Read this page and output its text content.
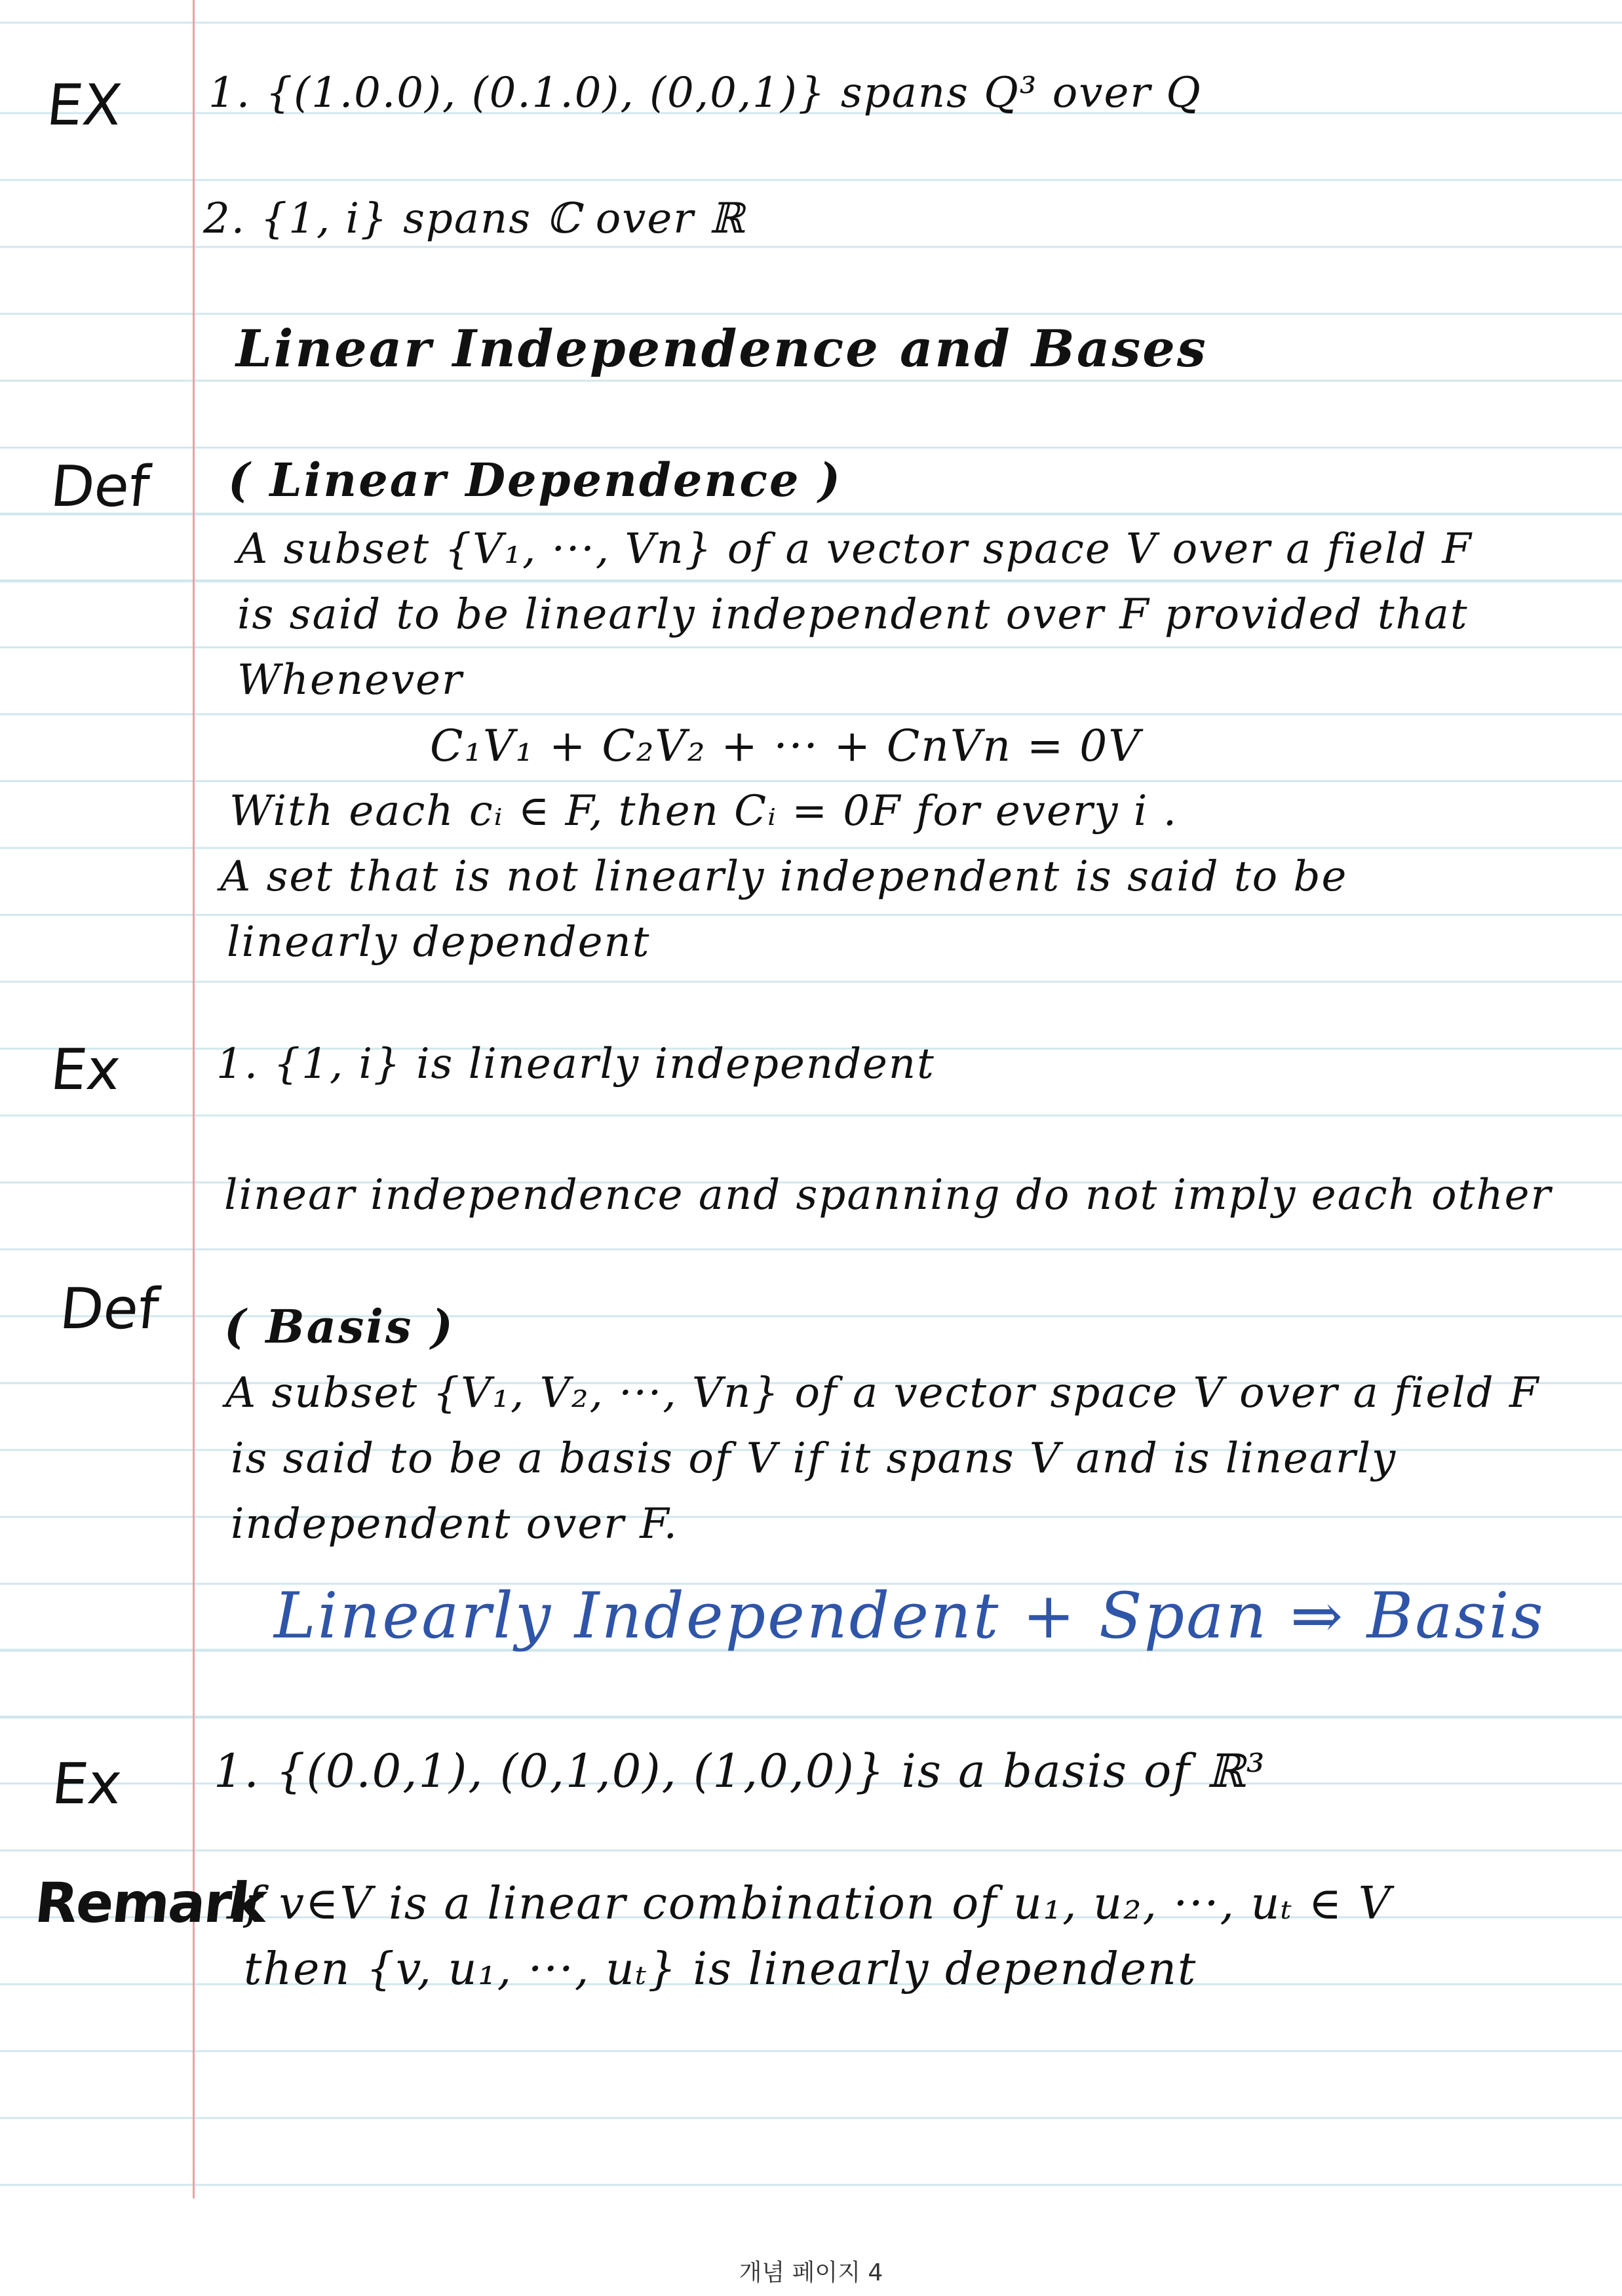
EX
Def
Ex
Def
Ex
Remark
1. {(1.0.0), (0.1.0), (0,0,1)} spans Q³ over Q
2. {1, i} spans ℂ over ℝ
Linear Independence and Bases
( Linear Dependence )
A subset {V₁, ···, Vn} of a vector space V over a field F
is said to be linearly independent over F provided that
Whenever
C₁V₁ + C₂V₂ + ··· + CnVn = 0V
With each cᵢ ∈ F, then Cᵢ = 0F for every i .
A set that is not linearly independent is said to be
linearly dependent
1. {1, i} is linearly independent
linear independence and spanning do not imply each other
( Basis )
A subset {V₁, V₂, ···, Vn} of a vector space V over a field F
is said to be a basis of V if it spans V and is linearly
independent over F.
Linearly Independent + Span ⇒ Basis
1. {(0.0,1), (0,1,0), (1,0,0)} is a basis of ℝ³
If v∈V is a linear combination of u₁, u₂, ···, uₜ ∈ V
then {v, u₁, ···, uₜ} is linearly dependent
개념 페이지 4
